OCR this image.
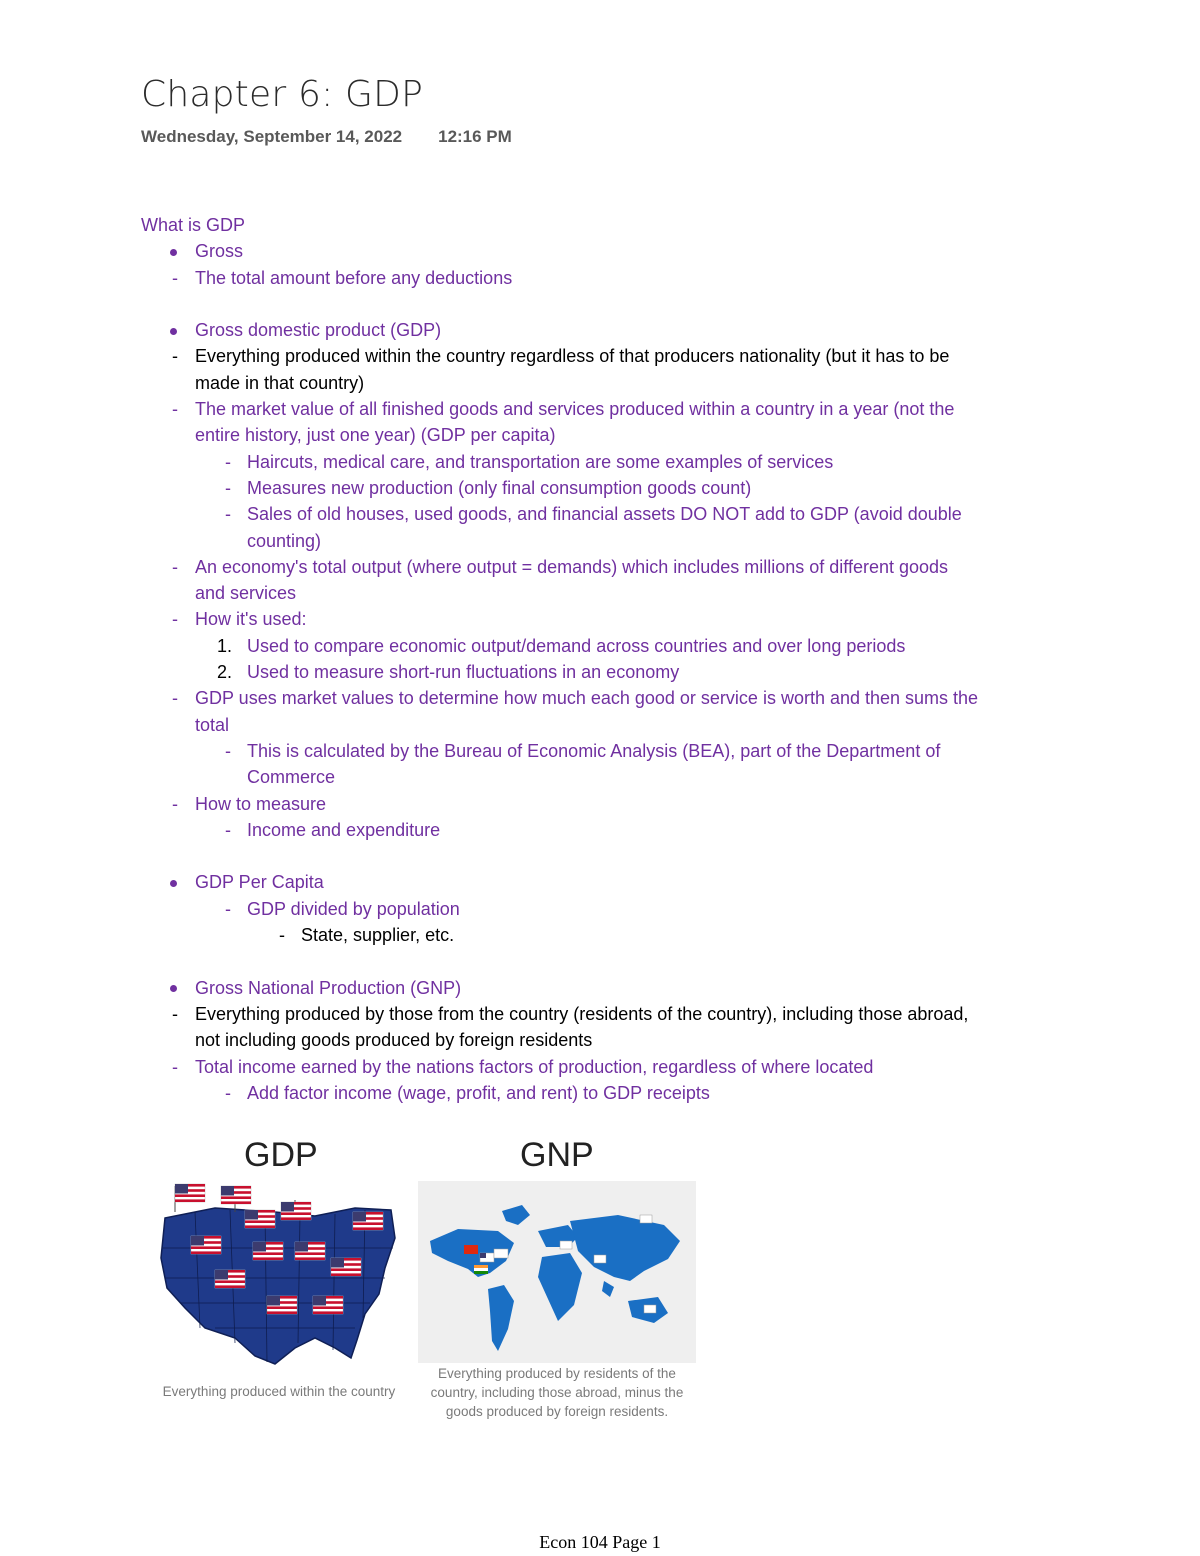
Chapter 6: GDP
Wednesday, September 14, 2022 12:16 PM
What is GDP
Gross
- The total amount before any deductions
Gross domestic product (GDP)
- Everything produced within the country regardless of that producers nationality (but it has to be
made in that country)
- The market value of all finished goods and services produced within a country in a year (not the
entire history, just one year) (GDP per capita)
- Haircuts, medical care, and transportation are some examples of services
- Measures new production (only final consumption goods count)
- Sales of old houses, used goods, and financial assets DO NOT add to GDP (avoid double
counting)
- An economy's total output (where output = demands) which includes millions of different goods
and services
- How it's used:
1. Used to compare economic output/demand across countries and over long periods
2. Used to measure short-run fluctuations in an economy
- GDP uses market values to determine how much each good or service is worth and then sums the
total
- This is calculated by the Bureau of Economic Analysis (BEA), part of the Department of
Commerce
- How to measure
- Income and expenditure
GDP Per Capita
- GDP divided by population
- State, supplier, etc.
Gross National Production (GNP)
- Everything produced by those from the country (residents of the country), including those abroad,
not including goods produced by foreign residents
- Total income earned by the nations factors of production, regardless of where located
- Add factor income (wage, profit, and rent) to GDP receipts
GDP	GNP
Everything produced within the country
Everything produced by residents of the
country, including those abroad, minus the
goods produced by foreign residents.
Econ 104 Page 1
